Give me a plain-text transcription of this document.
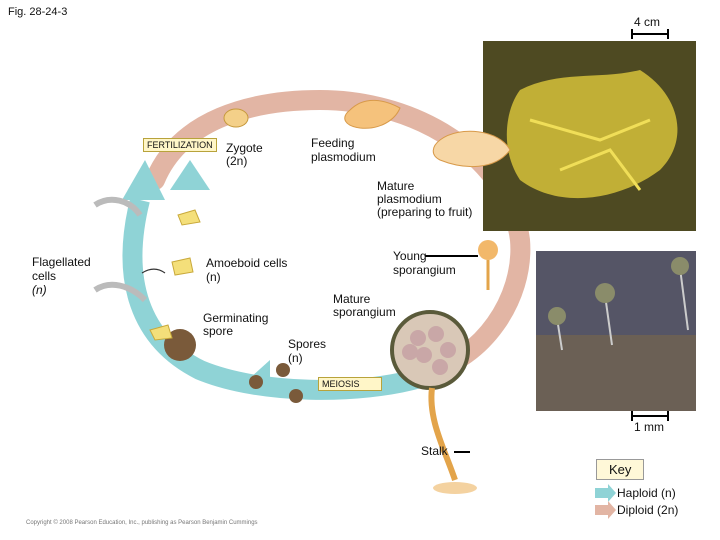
Fig. 28-24-3
4 cm
1 mm
FERTILIZATION	Zygote
(2n)
Feeding
plasmodium
Mature
plasmodium
(preparing to fruit)
Flagellated
cells
(n)
Amoeboid cells
(n)
Young
sporangium
Mature
sporangium
Germinating
spore
Spores
(n)
MEIOSIS
Stalk
Key
Haploid (n)
Diploid (2n)
Copyright © 2008 Pearson Education, Inc., publishing as Pearson Benjamin Cummings
